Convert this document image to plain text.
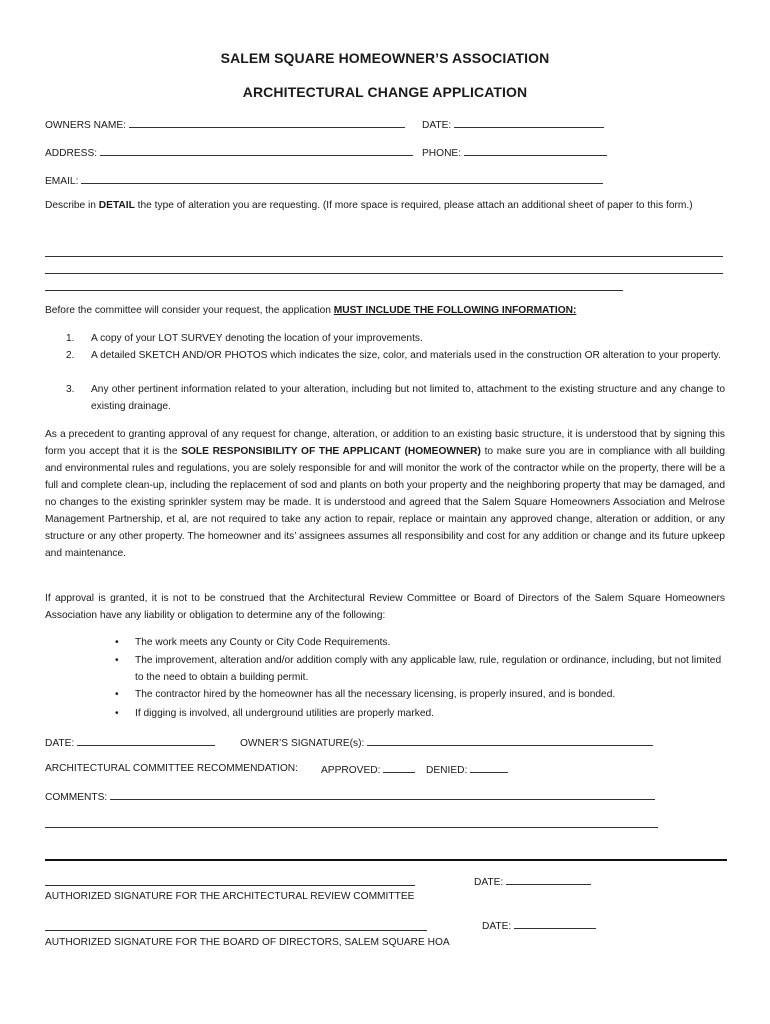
SALEM SQUARE HOMEOWNER’S ASSOCIATION
ARCHITECTURAL CHANGE APPLICATION
OWNERS NAME:	DATE:
ADDRESS:	PHONE:
EMAIL:
Describe in DETAIL the type of alteration you are requesting. (If more space is required, please attach an additional sheet of paper to this form.)
Before the committee will consider your request, the application MUST INCLUDE THE FOLLOWING INFORMATION:
1. A copy of your LOT SURVEY denoting the location of your improvements.
2. A detailed SKETCH AND/OR PHOTOS which indicates the size, color, and materials used in the construction OR alteration to your property.
3. Any other pertinent information related to your alteration, including but not limited to, attachment to the existing structure and any change to existing drainage.
As a precedent to granting approval of any request for change, alteration, or addition to an existing basic structure, it is understood that by signing this form you accept that it is the SOLE RESPONSIBILITY OF THE APPLICANT (HOMEOWNER) to make sure you are in compliance with all building and environmental rules and regulations, you are solely responsible for and will monitor the work of the contractor while on the property, there will be a full and complete clean-up, including the replacement of sod and plants on both your property and the neighboring property that may be damaged, and no changes to the existing sprinkler system may be made. It is understood and agreed that the Salem Square Homeowners Association and Melrose Management Partnership, et al, are not required to take any action to repair, replace or maintain any approved change, alteration or addition, or any structure or any other property. The homeowner and its’ assignees assumes all responsibility and cost for any addition or change and its future upkeep and maintenance.
If approval is granted, it is not to be construed that the Architectural Review Committee or Board of Directors of the Salem Square Homeowners Association have any liability or obligation to determine any of the following:
• The work meets any County or City Code Requirements.
• The improvement, alteration and/or addition comply with any applicable law, rule, regulation or ordinance, including, but not limited to the need to obtain a building permit.
• The contractor hired by the homeowner has all the necessary licensing, is properly insured, and is bonded.
• If digging is involved, all underground utilities are properly marked.
DATE:	OWNER’S SIGNATURE(s):
ARCHITECTURAL COMMITTEE RECOMMENDATION: APPROVED:	DENIED:
COMMENTS:
DATE:
AUTHORIZED SIGNATURE FOR THE ARCHITECTURAL REVIEW COMMITTEE
DATE:
AUTHORIZED SIGNATURE FOR THE BOARD OF DIRECTORS, SALEM SQUARE HOA
